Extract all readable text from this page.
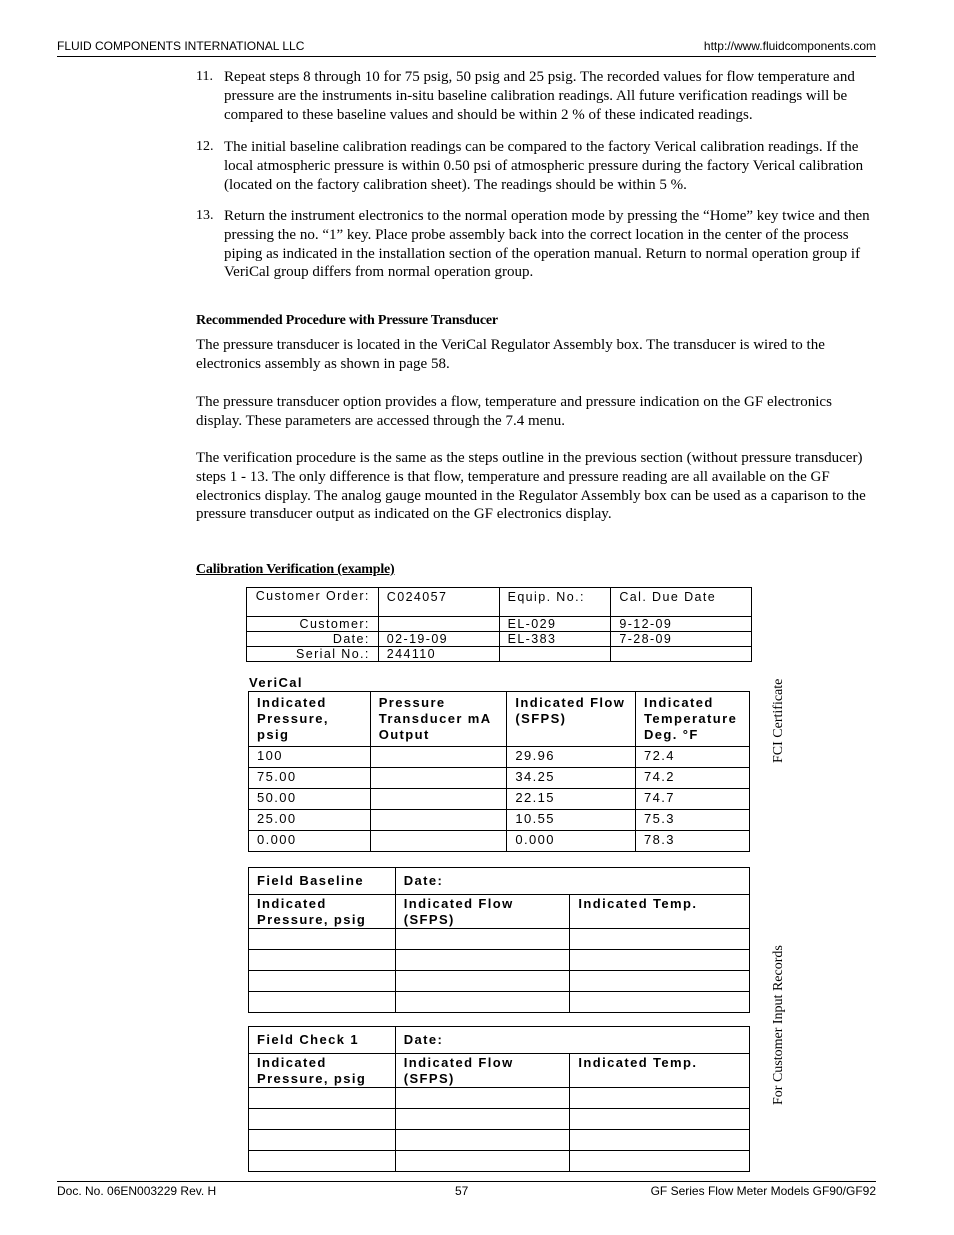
FLUID COMPONENTS INTERNATIONAL LLC	http://www.fluidcomponents.com
11. Repeat steps 8 through 10 for 75 psig, 50 psig and 25 psig. The recorded values for flow temperature and pressure are the instruments in-situ baseline calibration readings. All future verification readings will be compared to these baseline values and should be within 2 % of these indicated readings.
12. The initial baseline calibration readings can be compared to the factory Verical calibration readings. If the local atmospheric pressure is within 0.50 psi of atmospheric pressure during the factory Verical calibration (located on the factory calibration sheet). The readings should be within 5 %.
13. Return the instrument electronics to the normal operation mode by pressing the “Home” key twice and then pressing the no. “1” key. Place probe assembly back into the correct location in the center of the process piping as indicated in the installation section of the operation manual. Return to normal operation group if VeriCal group differs from normal operation group.
Recommended Procedure with Pressure Transducer
The pressure transducer is located in the VeriCal Regulator Assembly box. The transducer is wired to the electronics assembly as shown in page 58.
The pressure transducer option provides a flow, temperature and pressure indication on the GF electronics display. These parameters are accessed through the 7.4 menu.
The verification procedure is the same as the steps outline in the previous section (without pressure transducer) steps 1 - 13. The only difference is that flow, temperature and pressure reading are all available on the GF electronics display. The analog gauge mounted in the Regulator Assembly box can be used as a caparison to the pressure transducer output as indicated on the GF electronics display.
Calibration Verification (example)
Customer Order:	C024057	Equip. No.:	Cal. Due Date
Customer:		EL-029	9-12-09
Date:	02-19-09	EL-383	7-28-09
Serial No.:	244110		
VeriCal
Indicated Pressure, psig	Pressure Transducer mA Output	Indicated Flow (SFPS)	Indicated Temperature Deg. °F
100		29.96	72.4
75.00		34.25	74.2
50.00		22.15	74.7
25.00		10.55	75.3
0.000		0.000	78.3
Field Baseline	Date:	
Indicated Pressure, psig	Indicated Flow (SFPS)	Indicated Temp.

Field Check 1	Date:	
Indicated Pressure, psig	Indicated Flow (SFPS)	Indicated Temp.

FCI Certificate
For Customer Input Records
Doc. No. 06EN003229 Rev. H	57	GF Series Flow Meter Models GF90/GF92
